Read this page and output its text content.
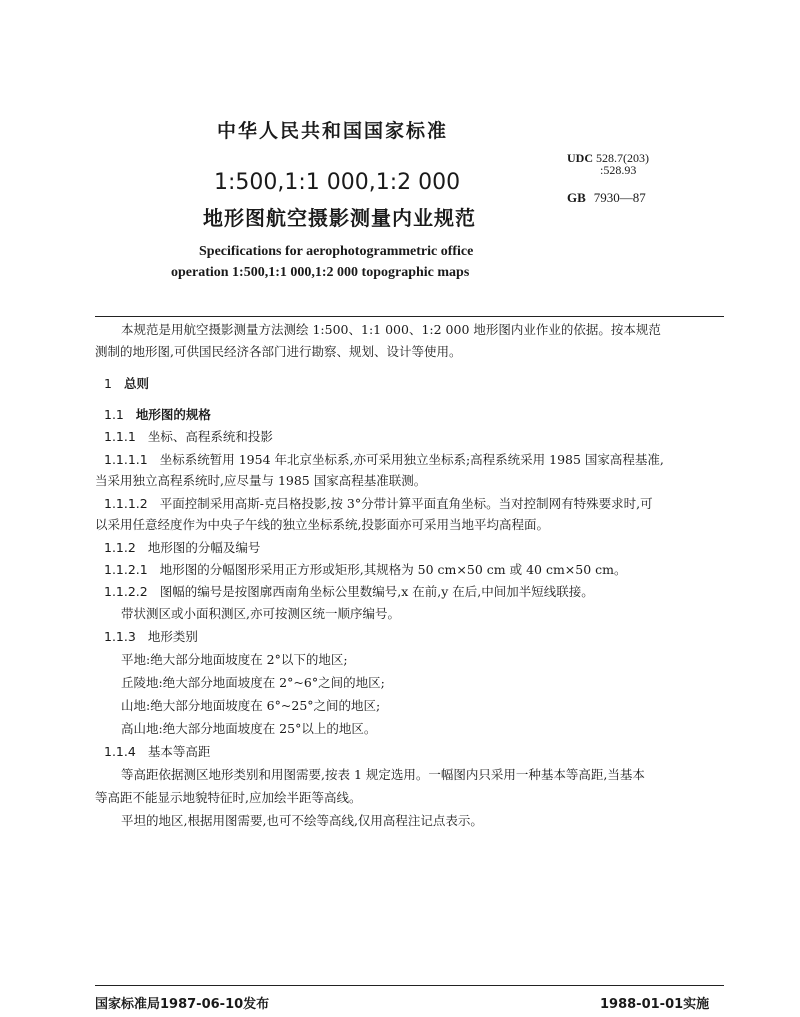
中华人民共和国国家标准
UDC 528.7(203)
:528.93
GB 7930—87
1:500,1:1 000,1:2 000
地形图航空摄影测量内业规范
Specifications for aerophotogrammetric office
operation 1:500,1:1 000,1:2 000 topographic maps
本规范是用航空摄影测量方法测绘 1:500、1:1 000、1:2 000 地形图内业作业的依据。按本规范
测制的地形图,可供国民经济各部门进行勘察、规划、设计等使用。
1 总则
1.1 地形图的规格
1.1.1 坐标、高程系统和投影
1.1.1.1 坐标系统暂用 1954 年北京坐标系,亦可采用独立坐标系;高程系统采用 1985 国家高程基准,
当采用独立高程系统时,应尽量与 1985 国家高程基准联测。
1.1.1.2 平面控制采用高斯-克吕格投影,按 3°分带计算平面直角坐标。当对控制网有特殊要求时,可
以采用任意经度作为中央子午线的独立坐标系统,投影面亦可采用当地平均高程面。
1.1.2 地形图的分幅及编号
1.1.2.1 地形图的分幅图形采用正方形或矩形,其规格为 50 cm×50 cm 或 40 cm×50 cm。
1.1.2.2 图幅的编号是按图廓西南角坐标公里数编号,x 在前,y 在后,中间加半短线联接。
带状测区或小面积测区,亦可按测区统一顺序编号。
1.1.3 地形类别
平地:绝大部分地面坡度在 2°以下的地区;
丘陵地:绝大部分地面坡度在 2°~6°之间的地区;
山地:绝大部分地面坡度在 6°~25°之间的地区;
高山地:绝大部分地面坡度在 25°以上的地区。
1.1.4 基本等高距
等高距依据测区地形类别和用图需要,按表 1 规定选用。一幅图内只采用一种基本等高距,当基本
等高距不能显示地貌特征时,应加绘半距等高线。
平坦的地区,根据用图需要,也可不绘等高线,仅用高程注记点表示。
国家标准局1987-06-10发布	1988-01-01实施
